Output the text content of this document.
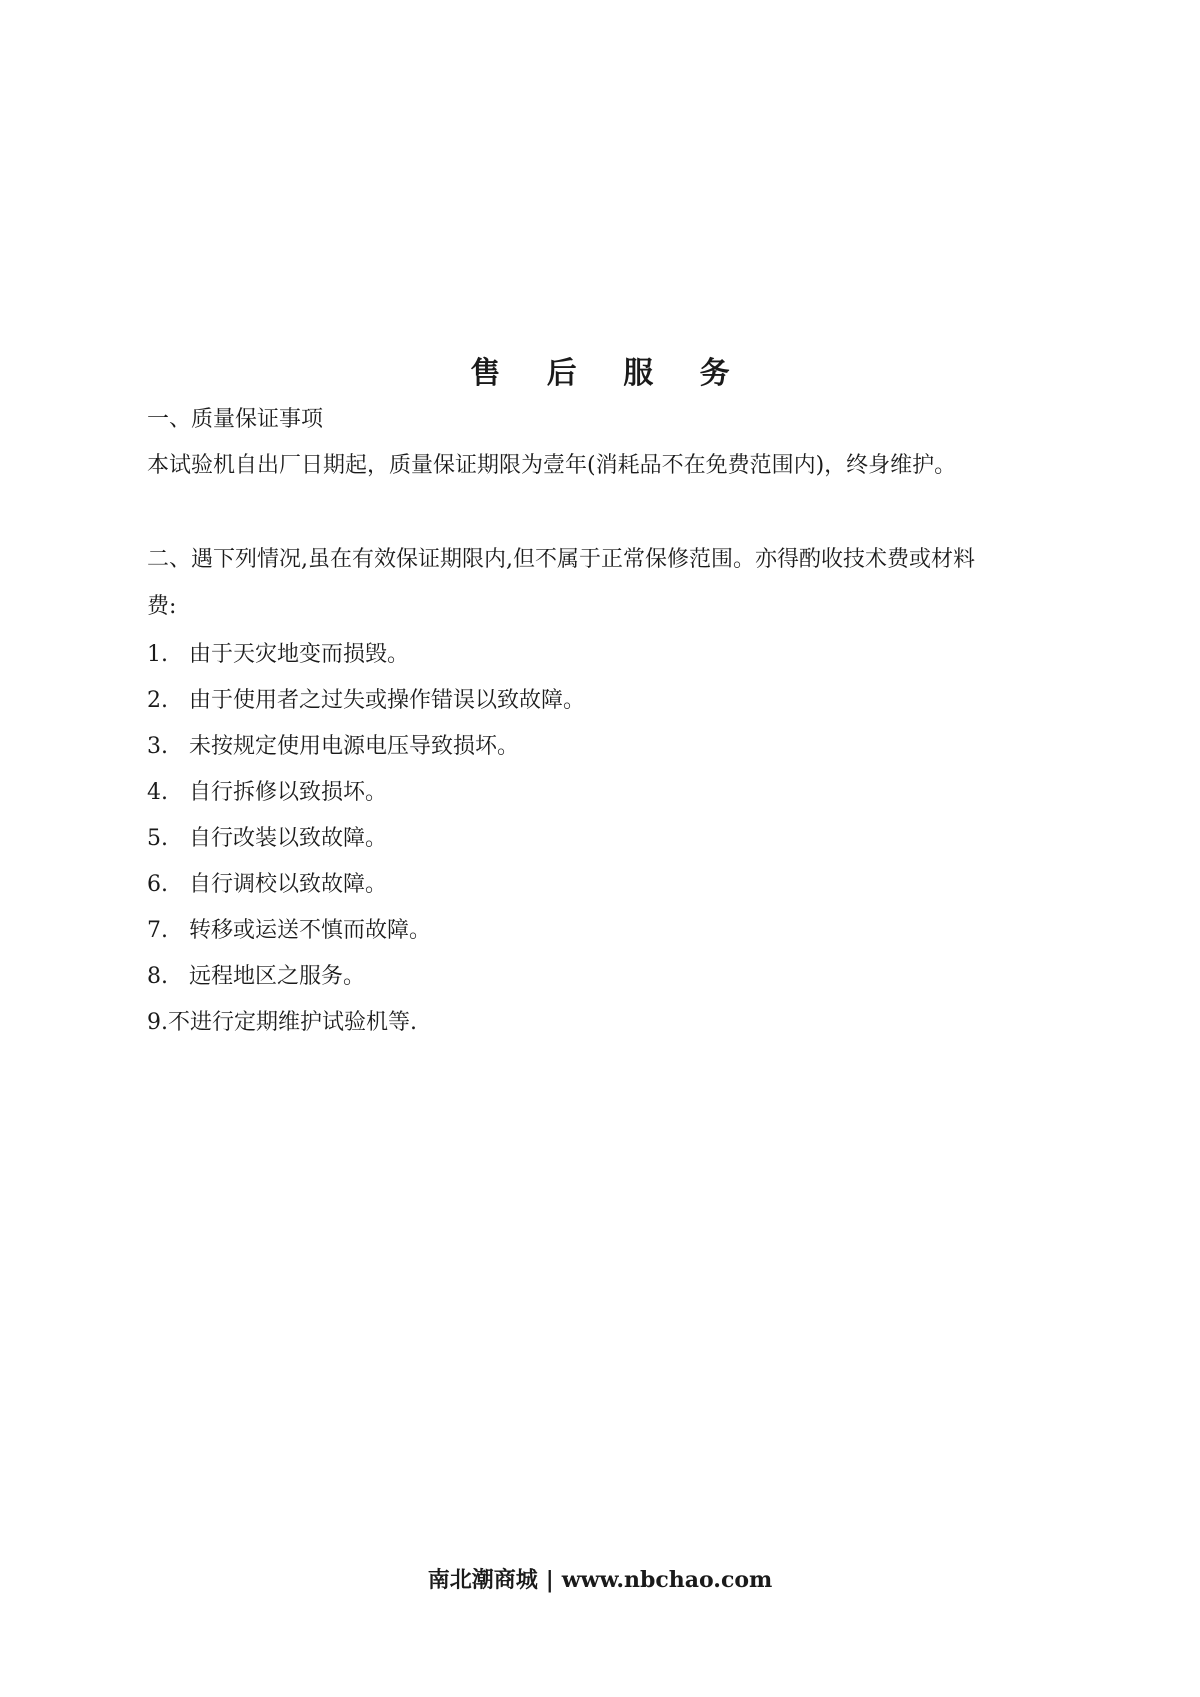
售 后 服 务
一、质量保证事项
本试验机自出厂日期起，质量保证期限为壹年(消耗品不在免费范围内)，终身维护。
二、遇下列情况,虽在有效保证期限内,但不属于正常保修范围。亦得酌收技术费或材料
费:
1. 由于天灾地变而损毁。
2. 由于使用者之过失或操作错误以致故障。
3. 未按规定使用电源电压导致损坏。
4. 自行拆修以致损坏。
5. 自行改装以致故障。
6. 自行调校以致故障。
7. 转移或运送不慎而故障。
8. 远程地区之服务。
9.不进行定期维护试验机等.
南北潮商城 | www.nbchao.com
